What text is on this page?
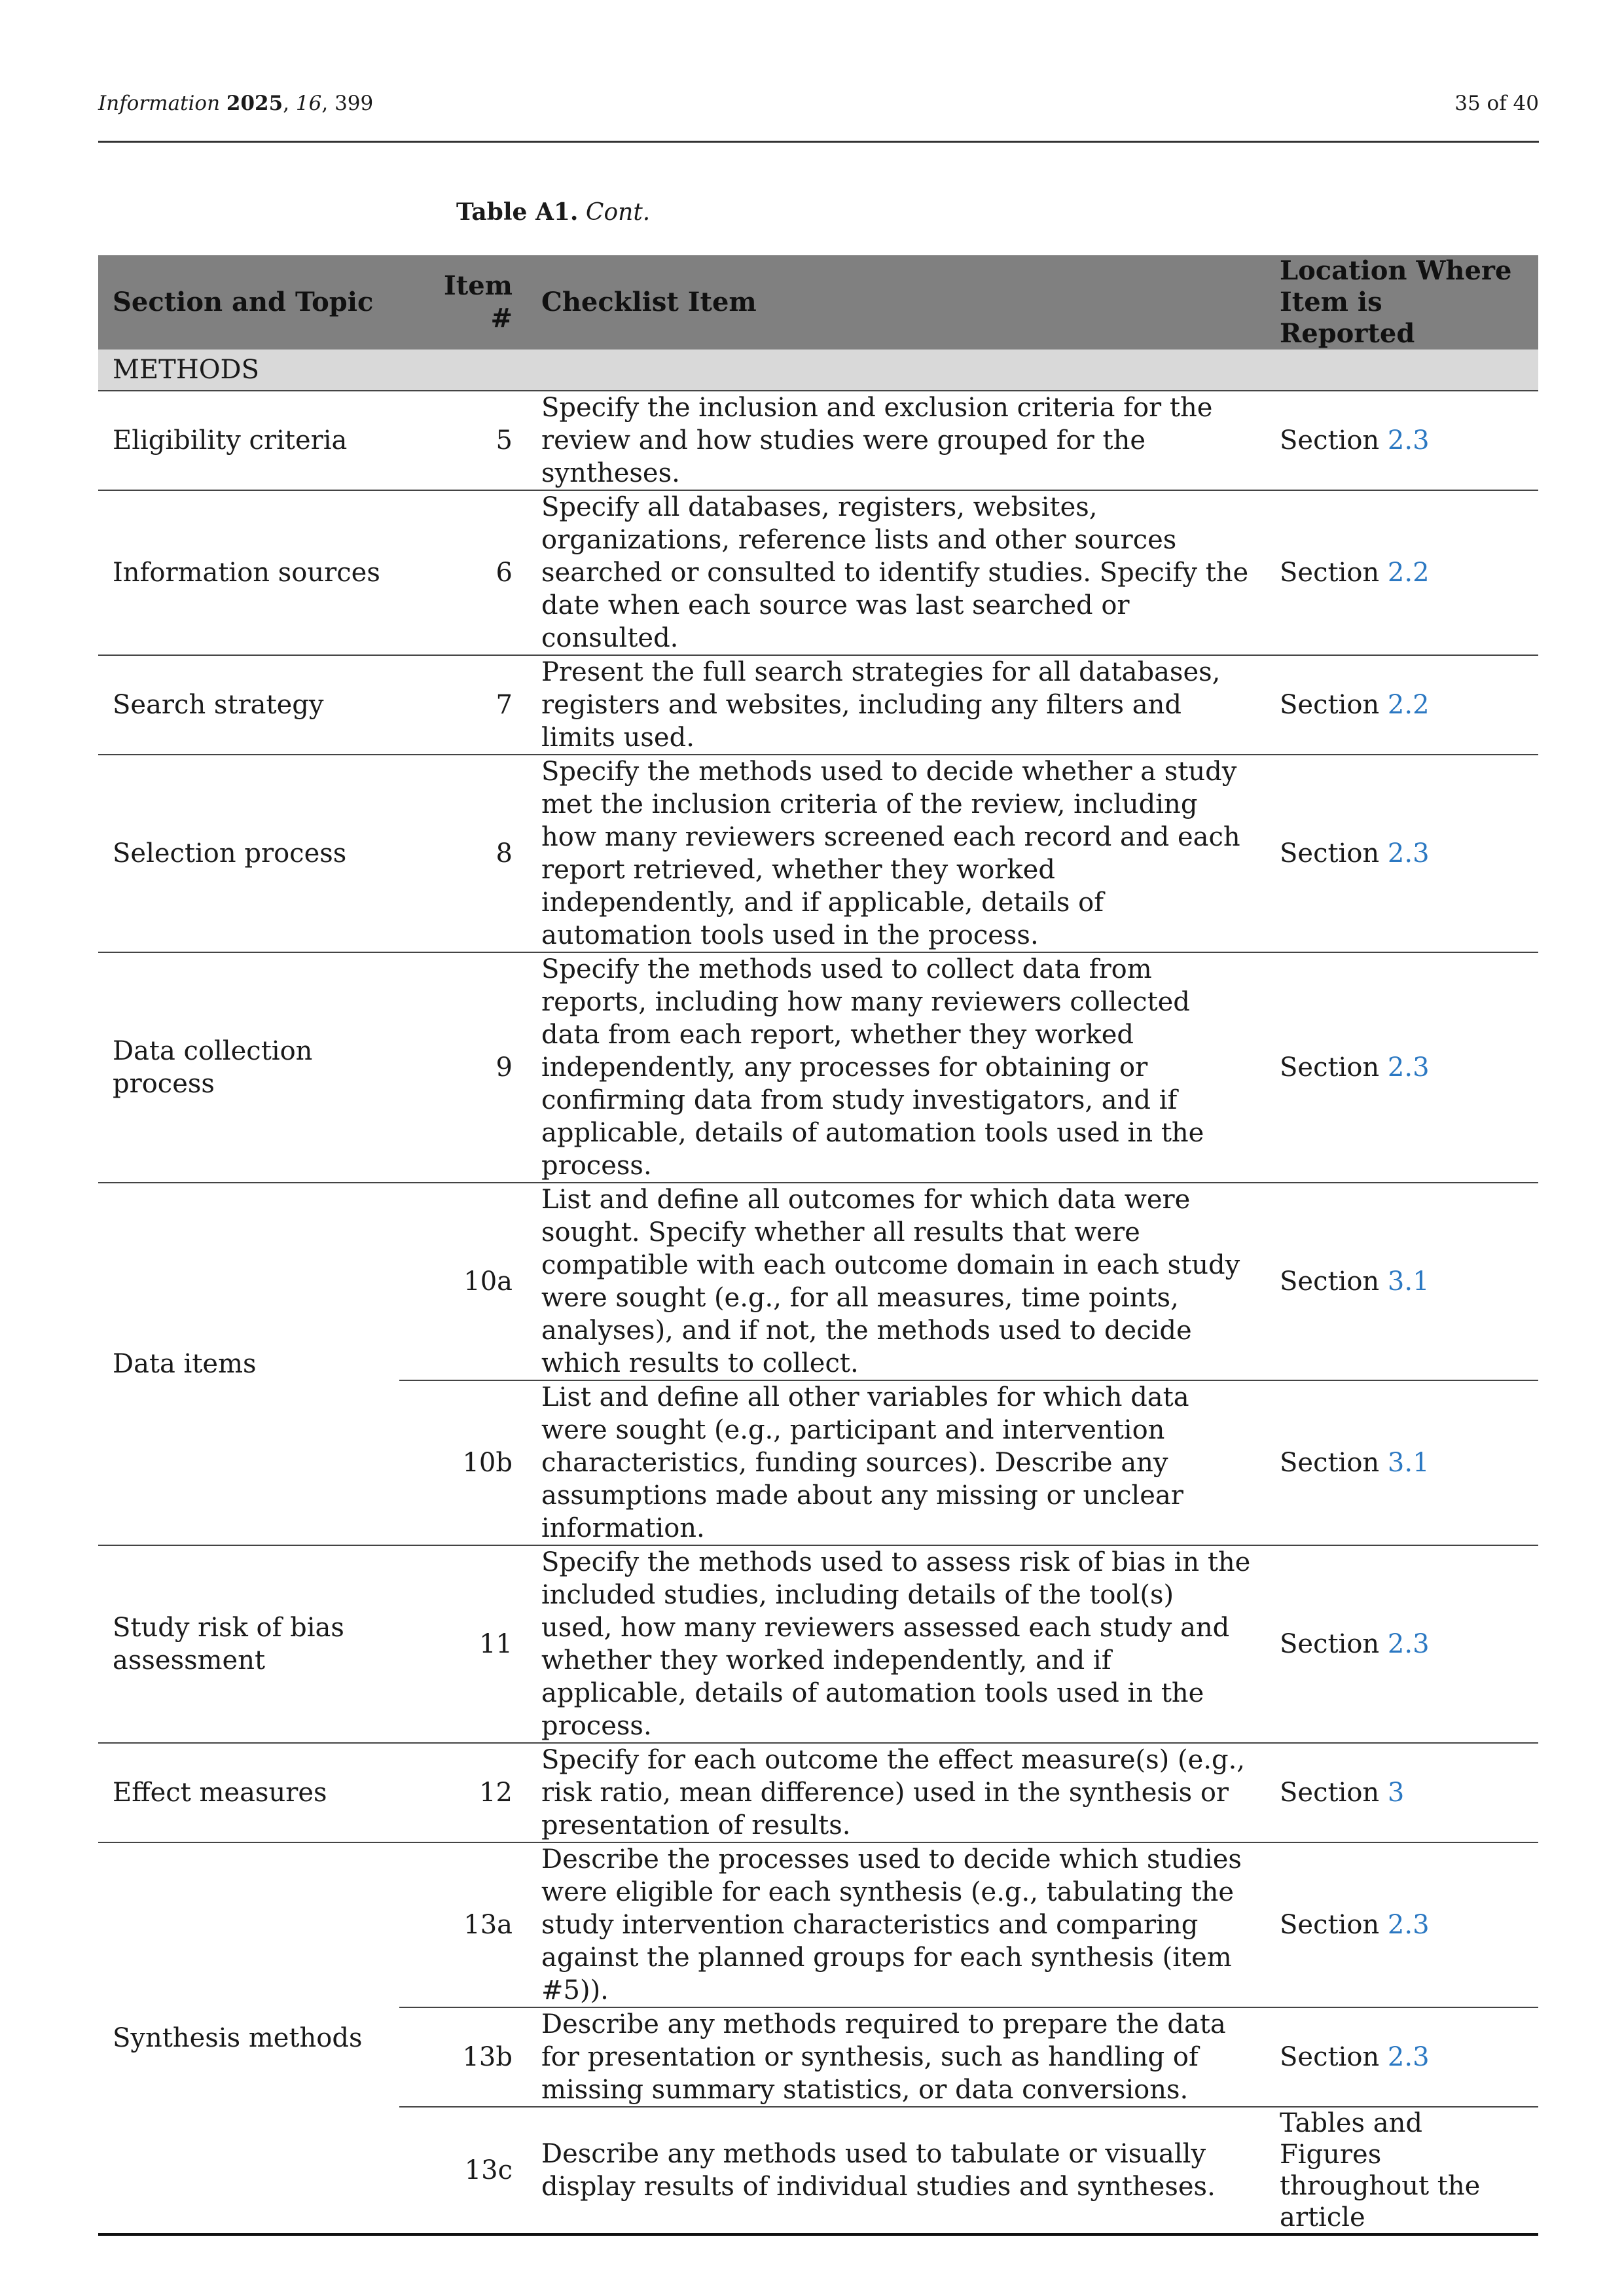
Information 2025, 16, 399	35 of 40
Table A1. Cont.
Section and Topic	Item #	Checklist Item	Location Where Item is Reported
METHODS			
Eligibility criteria	5	Specify the inclusion and exclusion criteria for the review and how studies were grouped for the syntheses.	Section 2.3
Information sources	6	Specify all databases, registers, websites, organizations, reference lists and other sources searched or consulted to identify studies. Specify the date when each source was last searched or consulted.	Section 2.2
Search strategy	7	Present the full search strategies for all databases, registers and websites, including any filters and limits used.	Section 2.2
Selection process	8	Specify the methods used to decide whether a study met the inclusion criteria of the review, including how many reviewers screened each record and each report retrieved, whether they worked independently, and if applicable, details of automation tools used in the process.	Section 2.3
Data collection process	9	Specify the methods used to collect data from reports, including how many reviewers collected data from each report, whether they worked independently, any processes for obtaining or confirming data from study investigators, and if applicable, details of automation tools used in the process.	Section 2.3
Data items	10a	List and define all outcomes for which data were sought. Specify whether all results that were compatible with each outcome domain in each study were sought (e.g., for all measures, time points, analyses), and if not, the methods used to decide which results to collect.	Section 3.1
	10b	List and define all other variables for which data were sought (e.g., participant and intervention characteristics, funding sources). Describe any assumptions made about any missing or unclear information.	Section 3.1
Study risk of bias assessment	11	Specify the methods used to assess risk of bias in the included studies, including details of the tool(s) used, how many reviewers assessed each study and whether they worked independently, and if applicable, details of automation tools used in the process.	Section 2.3
Effect measures	12	Specify for each outcome the effect measure(s) (e.g., risk ratio, mean difference) used in the synthesis or presentation of results.	Section 3
Synthesis methods	13a	Describe the processes used to decide which studies were eligible for each synthesis (e.g., tabulating the study intervention characteristics and comparing against the planned groups for each synthesis (item #5)).	Section 2.3
	13b	Describe any methods required to prepare the data for presentation or synthesis, such as handling of missing summary statistics, or data conversions.	Section 2.3
	13c	Describe any methods used to tabulate or visually display results of individual studies and syntheses.	Tables and Figures throughout the article
